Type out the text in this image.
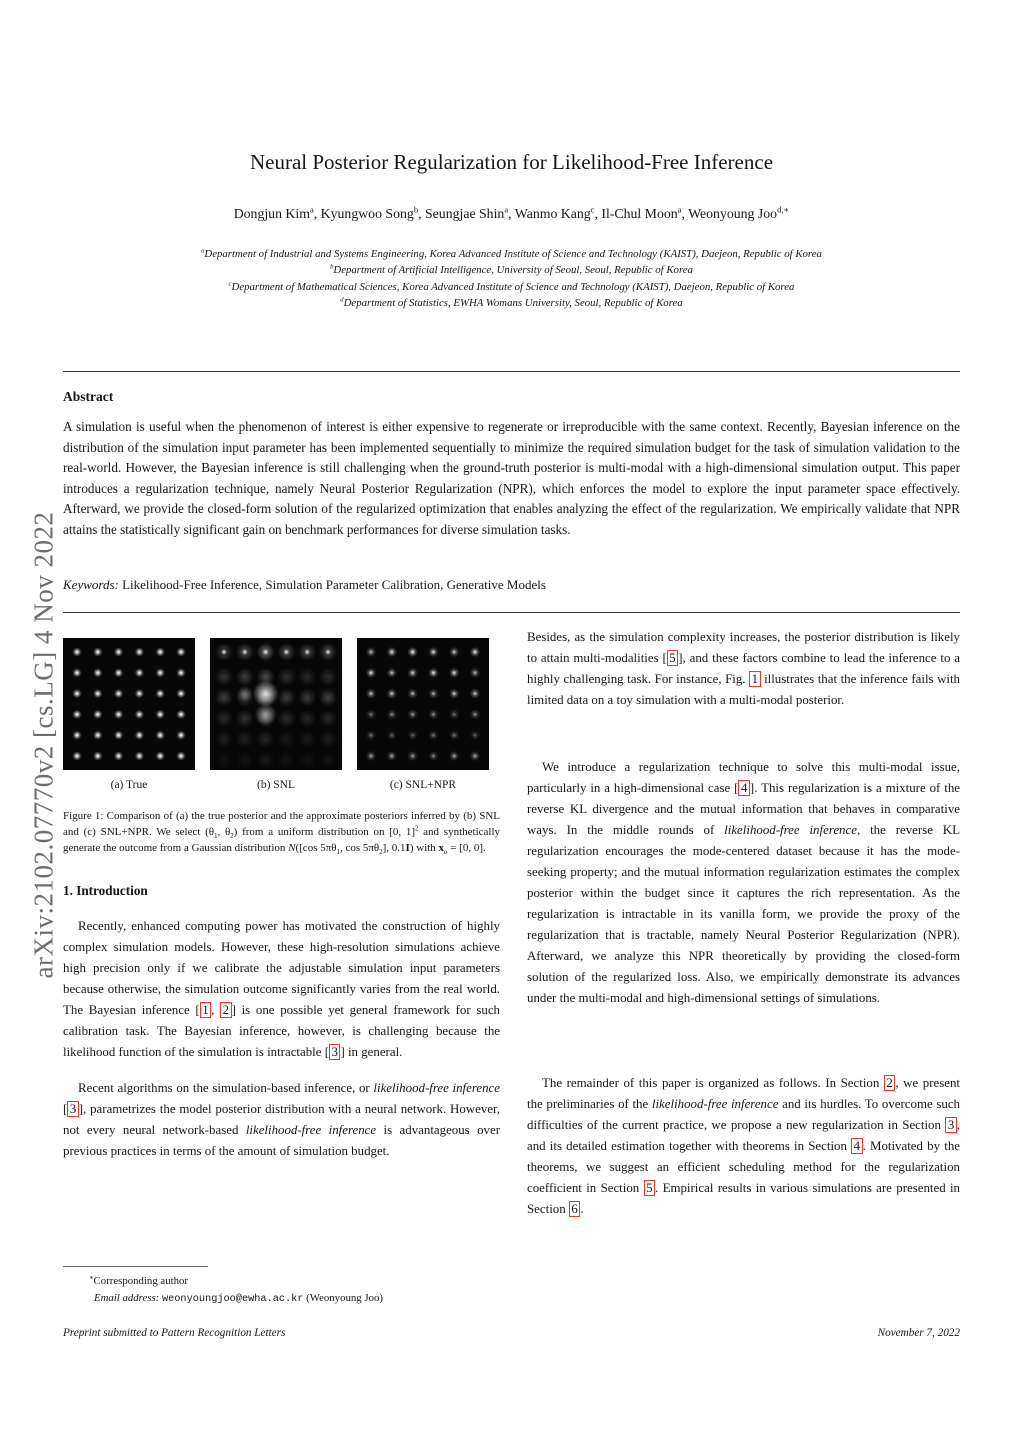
arXiv:2102.07770v2 [cs.LG] 4 Nov 2022
Neural Posterior Regularization for Likelihood-Free Inference
Dongjun Kim$^a$, Kyungwoo Song$^b$, Seungjae Shin$^a$, Wanmo Kang$^c$, Il-Chul Moon$^a$, Weonyoung Joo$^{d,∗}$
$^a$Department of Industrial and Systems Engineering, Korea Advanced Institute of Science and Technology (KAIST), Daejeon, Republic of Korea
$^b$Department of Artificial Intelligence, University of Seoul, Seoul, Republic of Korea
$^c$Department of Mathematical Sciences, Korea Advanced Institute of Science and Technology (KAIST), Daejeon, Republic of Korea
$^d$Department of Statistics, EWHA Womans University, Seoul, Republic of Korea
Abstract
A simulation is useful when the phenomenon of interest is either expensive to regenerate or irreproducible with the same context. Recently, Bayesian inference on the distribution of the simulation input parameter has been implemented sequentially to minimize the required simulation budget for the task of simulation validation to the real-world. However, the Bayesian inference is still challenging when the ground-truth posterior is multi-modal with a high-dimensional simulation output. This paper introduces a regularization technique, namely Neural Posterior Regularization (NPR), which enforces the model to explore the input parameter space effectively. Afterward, we provide the closed-form solution of the regularized optimization that enables analyzing the effect of the regularization. We empirically validate that NPR attains the statistically significant gain on benchmark performances for diverse simulation tasks.
Keywords: Likelihood-Free Inference, Simulation Parameter Calibration, Generative Models
(a) True	(b) SNL	(c) SNL+NPR
Figure 1: Comparison of (a) the true posterior and the approximate posteriors inferred by (b) SNL and (c) SNL+NPR. We select ($\theta_1$, $\theta_2$) from a uniform distribution on [0, 1]$^2$ and synthetically generate the outcome from a Gaussian distribution N([cos $5\pi\theta_1$, $\cos 5\pi\theta_2$], 0.1I) with $x_o = [0$, 0].
1. Introduction

Recently, enhanced computing power has motivated the construction of highly complex simulation models. However, these high-resolution simulations achieve high precision only if we calibrate the adjustable simulation input parameters because otherwise, the simulation outcome significantly varies from the real world. The Bayesian inference [ 1 , 2 ] is one possible yet general framework for such calibration task. The Bayesian inference, however, is challenging because the likelihood function of the simulation is intractable [ 3 ] in general.

Recent algorithms on the simulation-based inference, or likelihood-free inference [ 3 ], parametrizes the model posterior distribution with a neural network. However, not every neural network-based likelihood-free inference is advantageous over previous practices in terms of the amount of simulation budget.

Besides, as the simulation complexity increases, the posterior distribution is likely to attain multi-modalities [ 5 ], and these factors combine to lead the inference to a highly challenging task. For instance, Fig. 1 illustrates that the inference fails with limited data on a toy simulation with a multi-modal posterior.

We introduce a regularization technique to solve this multi-modal issue, particularly in a high-dimensional case [ 4 ]. This regularization is a mixture of the reverse KL divergence and the mutual information that behaves in comparative ways. In the middle rounds of likelihood-free inference, the reverse KL regularization encourages the mode-centered dataset because it has the mode-seeking property; and the mutual information regularization estimates the complex posterior within the budget since it captures the rich representation. As the regularization is intractable in its vanilla form, we provide the proxy of the regularization that is tractable, namely Neural Posterior Regularization (NPR). Afterward, we analyze this NPR theoretically by providing the closed-form solution of the regularized loss. Also, we empirically demonstrate its advances under the multi-modal and high-dimensional settings of simulations.

The remainder of this paper is organized as follows. In Section 2 , we present the preliminaries of the likelihood-free inference and its hurdles. To overcome such difficulties of the current practice, we propose a new regularization in Section 3 , and its detailed estimation together with theorems in Section 4 . Motivated by the theorems, we suggest an efficient scheduling method for the regularization coefficient in Section 5 . Empirical results in various simulations are presented in Section 6 .

∗Corresponding author
Email address: weonyoungjoo@ewha.ac.kr (Weonyoung Joo)
Preprint submitted to Pattern Recognition Letters	November 7, 2022
